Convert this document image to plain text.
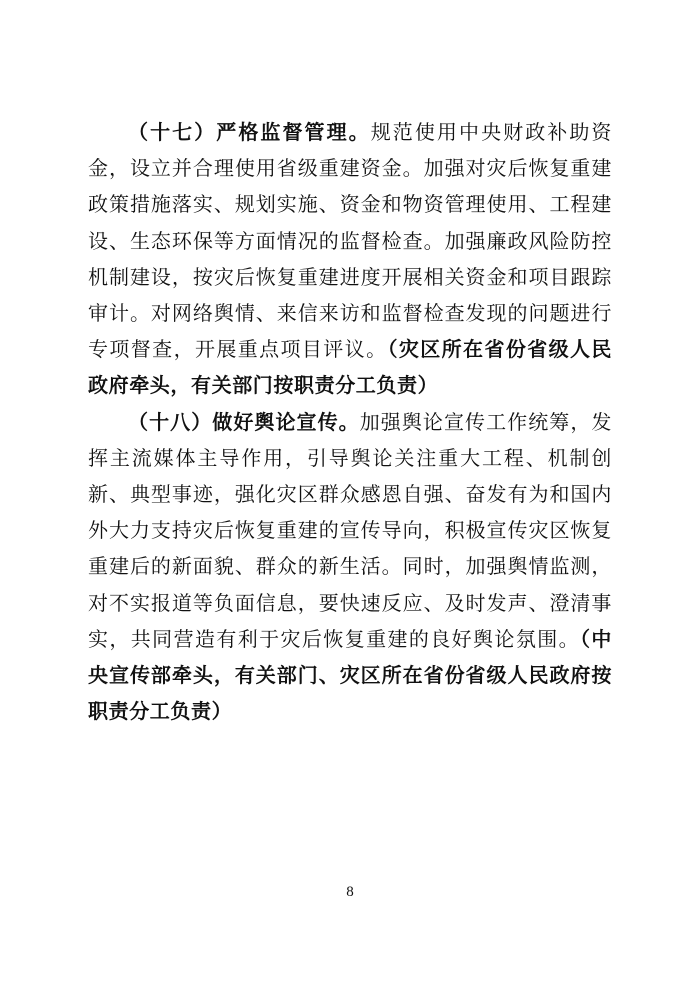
（十七）严格监督管理。规范使用中央财政补助资金，设立并合理使用省级重建资金。加强对灾后恢复重建政策措施落实、规划实施、资金和物资管理使用、工程建设、生态环保等方面情况的监督检查。加强廉政风险防控机制建设，按灾后恢复重建进度开展相关资金和项目跟踪审计。对网络舆情、来信来访和监督检查发现的问题进行专项督查，开展重点项目评议。（灾区所在省份省级人民政府牵头，有关部门按职责分工负责）

（十八）做好舆论宣传。加强舆论宣传工作统筹，发挥主流媒体主导作用，引导舆论关注重大工程、机制创新、典型事迹，强化灾区群众感恩自强、奋发有为和国内外大力支持灾后恢复重建的宣传导向，积极宣传灾区恢复重建后的新面貌、群众的新生活。同时，加强舆情监测，对不实报道等负面信息，要快速反应、及时发声、澄清事实，共同营造有利于灾后恢复重建的良好舆论氛围。（中央宣传部牵头，有关部门、灾区所在省份省级人民政府按职责分工负责）

8
